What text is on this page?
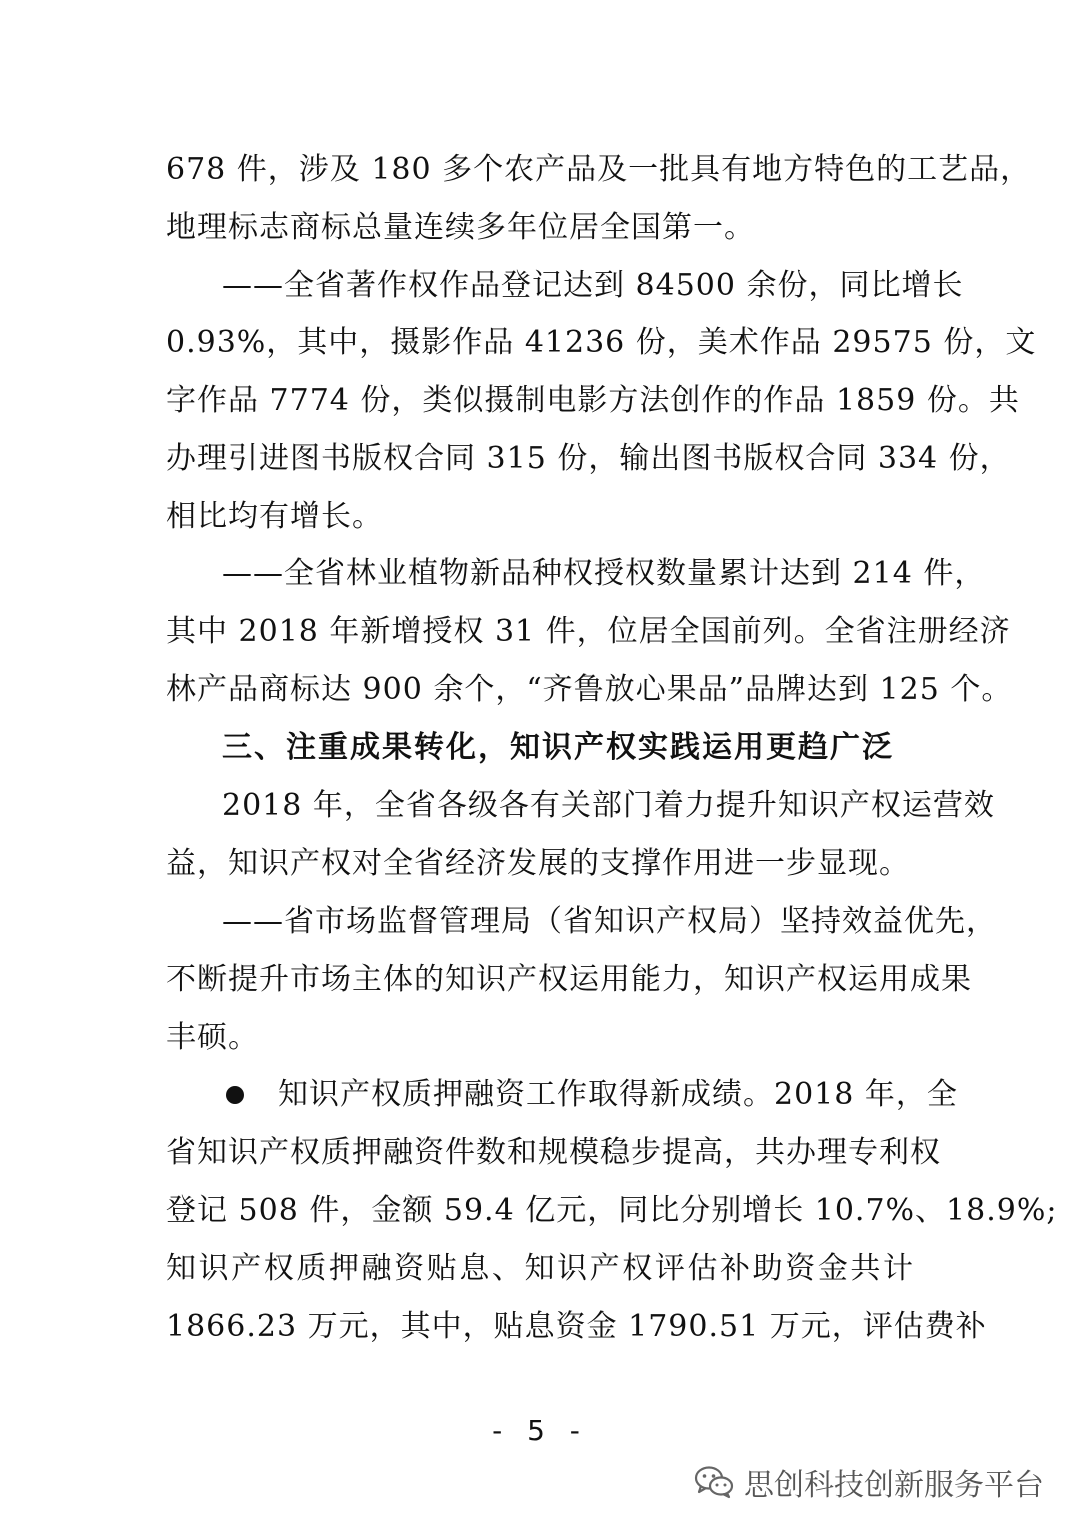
678 件，涉及 180 多个农产品及一批具有地方特色的工艺品，
地理标志商标总量连续多年位居全国第一。
——全省著作权作品登记达到 84500 余份，同比增长
0.93%，其中，摄影作品 41236 份，美术作品 29575 份，文
字作品 7774 份，类似摄制电影方法创作的作品 1859 份。共
办理引进图书版权合同 315 份，输出图书版权合同 334 份，
相比均有增长。
——全省林业植物新品种权授权数量累计达到 214 件，
其中 2018 年新增授权 31 件，位居全国前列。全省注册经济
林产品商标达 900 余个，“齐鲁放心果品”品牌达到 125 个。
三、注重成果转化，知识产权实践运用更趋广泛
2018 年，全省各级各有关部门着力提升知识产权运营效
益，知识产权对全省经济发展的支撑作用进一步显现。
——省市场监督管理局（省知识产权局）坚持效益优先，
不断提升市场主体的知识产权运用能力，知识产权运用成果
丰硕。
知识产权质押融资工作取得新成绩。2018 年，全
省知识产权质押融资件数和规模稳步提高，共办理专利权
登记 508 件，金额 59.4 亿元，同比分别增长 10.7%、18.9%;
知识产权质押融资贴息、知识产权评估补助资金共计
1866.23 万元，其中，贴息资金 1790.51 万元，评估费补
- 5 -
思创科技创新服务平台
